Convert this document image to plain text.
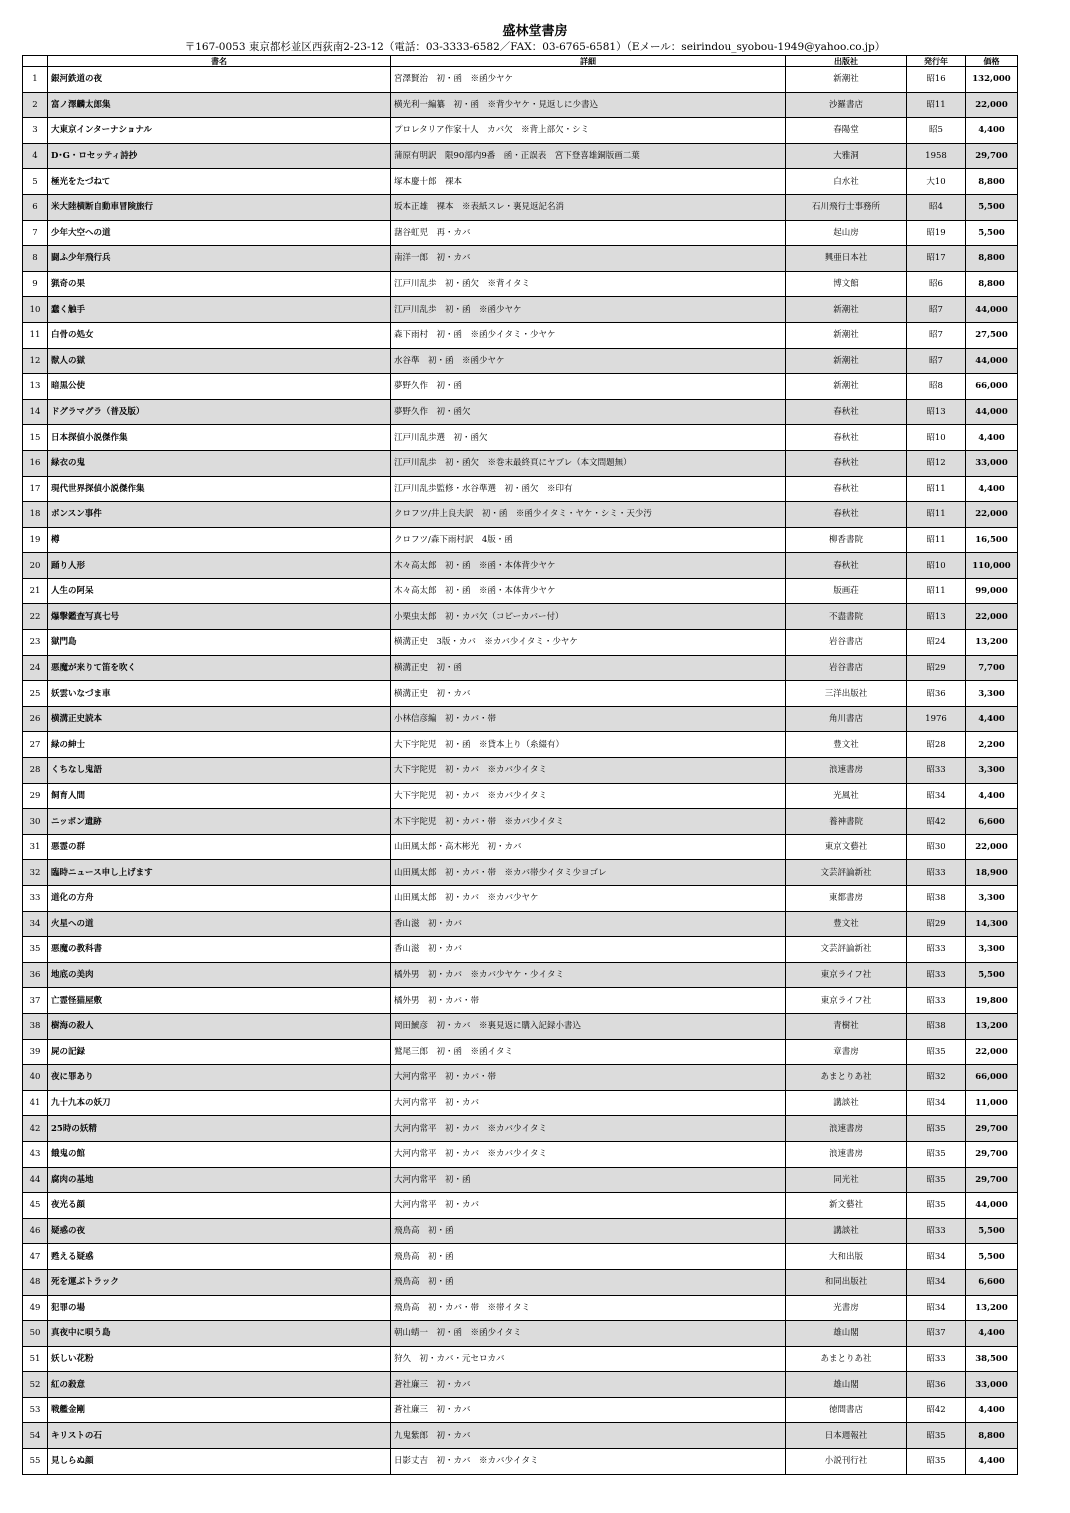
盛林堂書房
〒167-0053 東京都杉並区西荻南2-23-12（電話：03-3333-6582／FAX：03-6765-6581）（Eメール：seirindou_syobou-1949@yahoo.co.jp）
	書名	詳細	出版社	発行年	価格
1	銀河鉄道の夜	宮澤賢治　初・函　※函少ヤケ	新潮社	昭16	132,000
2	富ノ澤麟太郎集	横光利一編纂　初・函　※背少ヤケ・見返しに少書込	沙羅書店	昭11	22,000
3	大東京インターナショナル	プロレタリア作家十人　カバ欠　※背上部欠・シミ	春陽堂	昭5	4,400
4	D･G・ロセッティ詩抄	蒲原有明訳　限90部内9番　函・正誤表　宮下登喜雄銅版画二葉	大雅洞	1958	29,700
5	極光をたづねて	塚本慶十郎　裸本	白水社	大10	8,800
6	米大陸横断自動車冒険旅行	坂本正雄　裸本　※表紙スレ・裏見返記名消	石川飛行士事務所	昭4	5,500
7	少年大空への道	藷谷虹児　再・カバ	起山房	昭19	5,500
8	闘ふ少年飛行兵	南洋一郎　初・カバ	興亜日本社	昭17	8,800
9	猟奇の果	江戸川乱歩　初・函欠　※背イタミ	博文館	昭6	8,800
10	蠢く触手	江戸川乱歩　初・函　※函少ヤケ	新潮社	昭7	44,000
11	白骨の処女	森下雨村　初・函　※函少イタミ・少ヤケ	新潮社	昭7	27,500
12	獣人の獄	水谷準　初・函　※函少ヤケ	新潮社	昭7	44,000
13	暗黒公使	夢野久作　初・函	新潮社	昭8	66,000
14	ドグラマグラ（普及版）	夢野久作　初・函欠	春秋社	昭13	44,000
15	日本探偵小説傑作集	江戸川乱歩選　初・函欠	春秋社	昭10	4,400
16	緑衣の鬼	江戸川乱歩　初・函欠　※巻末最終頁にヤブレ（本文問題無）	春秋社	昭12	33,000
17	現代世界探偵小説傑作集	江戸川乱歩監修・水谷準選　初・函欠　※印有	春秋社	昭11	4,400
18	ポンスン事件	クロフツ/井上良夫訳　初・函　※函少イタミ・ヤケ・シミ・天少汚	春秋社	昭11	22,000
19	樽	クロフツ/森下雨村訳　4版・函	柳香書院	昭11	16,500
20	踊り人形	木々高太郎　初・函　※函・本体背少ヤケ	春秋社	昭10	110,000
21	人生の阿呆	木々高太郎　初・函　※函・本体背少ヤケ	版画荘	昭11	99,000
22	爆撃鑑査写真七号	小栗虫太郎　初・カバ欠（コピーカバー付）	不盡書院	昭13	22,000
23	獄門島	横溝正史　3版・カバ　※カバ少イタミ・少ヤケ	岩谷書店	昭24	13,200
24	悪魔が来りて笛を吹く	横溝正史　初・函	岩谷書店	昭29	7,700
25	妖雲いなづま車	横溝正史　初・カバ	三洋出版社	昭36	3,300
26	横溝正史読本	小林信彦編　初・カバ・帯	角川書店	1976	4,400
27	緑の紳士	大下宇陀児　初・函　※貸本上り（糸綴有）	豊文社	昭28	2,200
28	くちなし鬼語	大下宇陀児　初・カバ　※カバ少イタミ	浪速書房	昭33	3,300
29	飼育人間	大下宇陀児　初・カバ　※カバ少イタミ	光風社	昭34	4,400
30	ニッポン遺跡	木下宇陀児　初・カバ・帯　※カバ少イタミ	養神書院	昭42	6,600
31	悪霊の群	山田風太郎・高木彬光　初・カバ	東京文藝社	昭30	22,000
32	臨時ニュース申し上げます	山田風太郎　初・カバ・帯　※カバ帯少イタミ少ヨゴレ	文芸評論新社	昭33	18,900
33	道化の方舟	山田風太郎　初・カバ　※カバ少ヤケ	東都書房	昭38	3,300
34	火星への道	香山滋　初・カバ	豊文社	昭29	14,300
35	悪魔の教科書	香山滋　初・カバ	文芸評論新社	昭33	3,300
36	地底の美肉	橘外男　初・カバ　※カバ少ヤケ・少イタミ	東京ライフ社	昭33	5,500
37	亡霊怪猫屋敷	橘外男　初・カバ・帯	東京ライフ社	昭33	19,800
38	樹海の殺人	岡田鯱彦　初・カバ　※裏見返に購入記録小書込	青樹社	昭38	13,200
39	屍の記録	鷲尾三郎　初・函　※函イタミ	章書房	昭35	22,000
40	夜に罪あり	大河内常平　初・カバ・帯	あまとりあ社	昭32	66,000
41	九十九本の妖刀	大河内常平　初・カバ	講談社	昭34	11,000
42	25時の妖精	大河内常平　初・カバ　※カバ少イタミ	浪速書房	昭35	29,700
43	餓鬼の館	大河内常平　初・カバ　※カバ少イタミ	浪速書房	昭35	29,700
44	腐肉の基地	大河内常平　初・函	同光社	昭35	29,700
45	夜光る顔	大河内常平　初・カバ	新文藝社	昭35	44,000
46	疑惑の夜	飛鳥高　初・函	講談社	昭33	5,500
47	甦える疑惑	飛鳥高　初・函	大和出版	昭34	5,500
48	死を運ぶトラック	飛鳥高　初・函	和同出版社	昭34	6,600
49	犯罪の場	飛鳥高　初・カバ・帯　※帯イタミ	光書房	昭34	13,200
50	真夜中に唄う島	朝山蜻一　初・函　※函少イタミ	雄山閣	昭37	4,400
51	妖しい花粉	狩久　初・カバ・元セロカバ	あまとりあ社	昭33	38,500
52	紅の殺意	蒼社廉三　初・カバ	雄山閣	昭36	33,000
53	戦艦金剛	蒼社廉三　初・カバ	徳間書店	昭42	4,400
54	キリストの石	九鬼紫郎　初・カバ	日本週報社	昭35	8,800
55	見しらぬ顔	日影丈吉　初・カバ　※カバ少イタミ	小説刊行社	昭35	4,400
